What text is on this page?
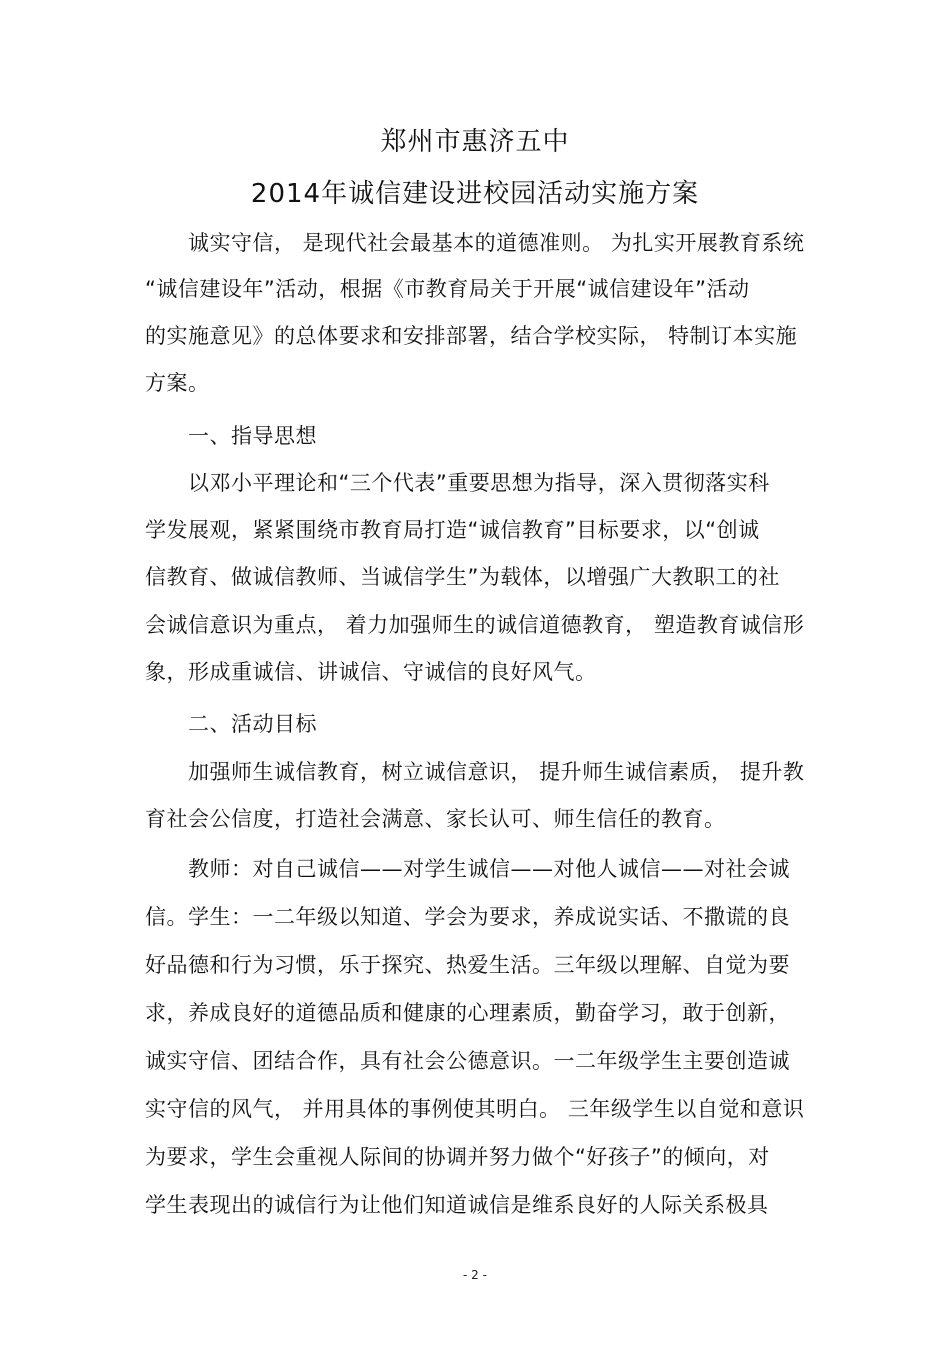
郑州市惠济五中
2014年诚信建设进校园活动实施方案
诚实守信， 是现代社会最基本的道德准则。 为扎实开展教育系统
“诚信建设年”活动，根据《市教育局关于开展“诚信建设年”活动
的实施意见》的总体要求和安排部署，结合学校实际， 特制订本实施
方案。
一、指导思想
以邓小平理论和“三个代表”重要思想为指导，深入贯彻落实科
学发展观，紧紧围绕市教育局打造“诚信教育”目标要求，以“创诚
信教育、做诚信教师、当诚信学生”为载体，以增强广大教职工的社
会诚信意识为重点， 着力加强师生的诚信道德教育， 塑造教育诚信形
象，形成重诚信、讲诚信、守诚信的良好风气。
二、活动目标
加强师生诚信教育，树立诚信意识， 提升师生诚信素质， 提升教
育社会公信度，打造社会满意、家长认可、师生信任的教育。
教师：对自己诚信——对学生诚信——对他人诚信——对社会诚
信。学生：一二年级以知道、学会为要求，养成说实话、不撒谎的良
好品德和行为习惯，乐于探究、热爱生活。三年级以理解、自觉为要
求，养成良好的道德品质和健康的心理素质，勤奋学习，敢于创新，
诚实守信、团结合作，具有社会公德意识。一二年级学生主要创造诚
实守信的风气， 并用具体的事例使其明白。 三年级学生以自觉和意识
为要求，学生会重视人际间的协调并努力做个“好孩子”的倾向，对
学生表现出的诚信行为让他们知道诚信是维系良好的人际关系极具
- 2 -
